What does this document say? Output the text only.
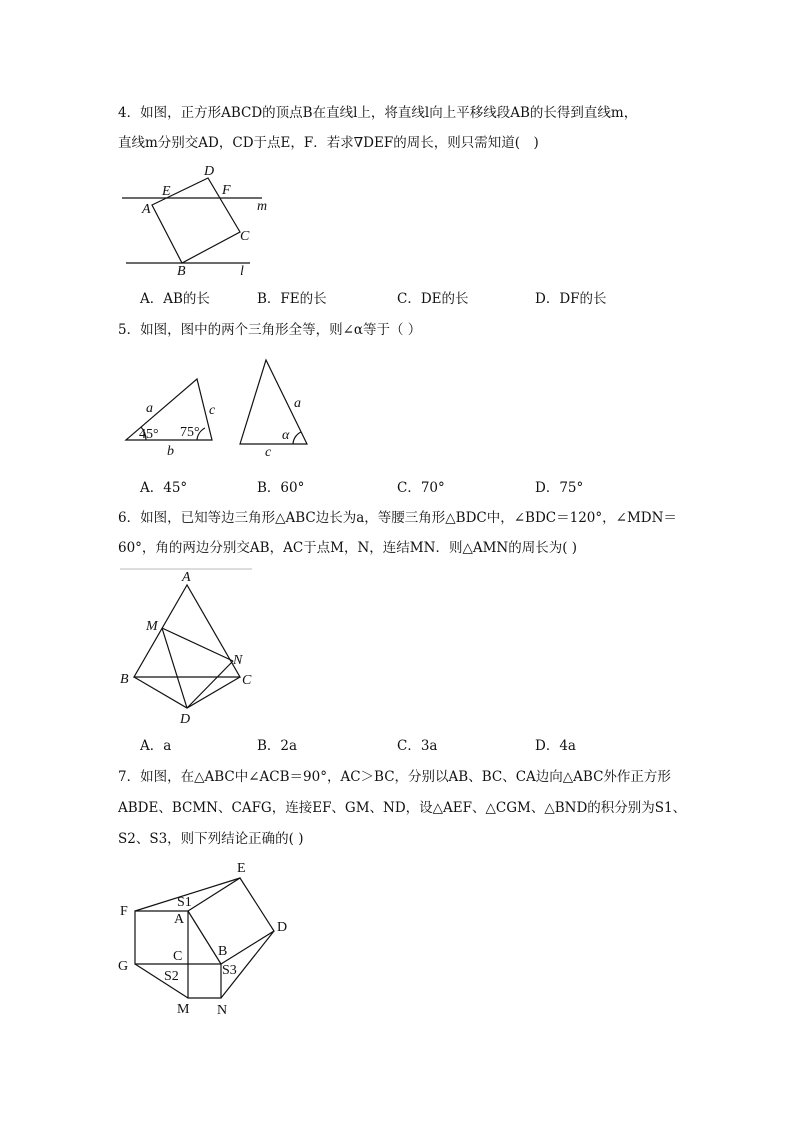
4．如图，正方形ABCD的顶点B在直线l上，将直线l向上平移线段AB的长得到直线m，
直线m分别交AD，CD于点E，F．若求∇DEF的周长，则只需知道(　)
D
E	F
A	m
C
B	l
A．AB的长	B．FE的长	C．DE的长	D．DF的长
5．如图，图中的两个三角形全等，则∠α等于（ ）
a	c
45° 75°
b
a
α
c
A．45°	B．60°	C．70°	D．75°
6．如图，已知等边三角形△ABC边长为a，等腰三角形△BDC中，∠BDC＝120°，∠MDN＝
60°，角的两边分别交AB，AC于点M，N，连结MN．则△AMN的周长为( )
A
M
N
B	C
D
A．a	B．2a	C．3a	D．4a
7．如图，在△ABC中∠ACB＝90°，AC＞BC，分别以AB、BC、CA边向△ABC外作正方形
ABDE、BCMN、CAFG，连接EF、GM、ND，设△AEF、△CGM、△BND的积分别为S1、
S2、S3，则下列结论正确的( )
E
S1
F
A
D
C	B
G
S2	S3
M N
